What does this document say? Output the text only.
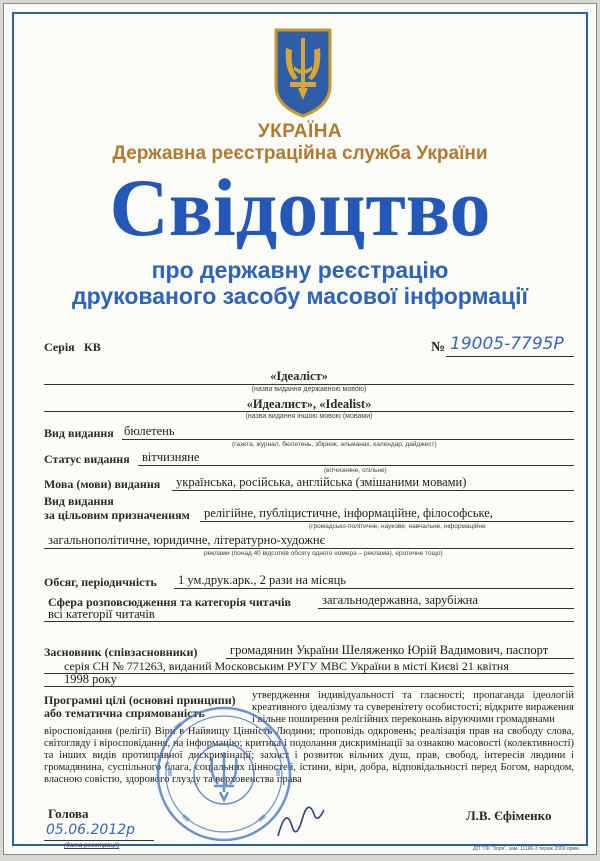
УКРАЇНА
Державна реєстраційна служба України
Свідоцтво
про державну реєстрацію
друкованого засобу масової інформації
Серія КВ	№ 19005-7795Р
«Ідеаліст»
(назва видання державною мовою)
«Идеалист», «Idealist»
(назва видання іншою мовою (мовами)
Вид видання бюлетень
(газета, журнал, бюлетень, збірник, альманах, календар, дайджест)
Статус видання вітчизняне
(вітчизняне, спільне)
Мова (мови) видання українська, російська, англійська (змішаними мовами)
Вид видання
за цільовим призначенням релігійне, публіцистичне, інформаційне, філософське,
(громадсько-політичне, наукове, навчальне, інформаційне
загальнополітичне, юридичне, літературно-художнє
реклами (понад 40 відсотків обсягу одного номера – реклама), еротичне тощо)
Обсяг, періодичність 1 ум.друк.арк., 2 рази на місяць
Сфера розповсюдження та категорія читачів загальнодержавна, зарубіжна
всі категорії читачів
Засновник (співзасновники)	громадянин України Шеляженко Юрій Вадимович, паспорт
серія СН № 771263, виданий Московським РУГУ МВС України в місті Києві 21 квітня
1998 року
Програмні цілі (основні принципи)
або тематична спрямованість
утвердження індивідуальності та гласності; пропаганда ідеологій креативного ідеалізму та суверенітету особистості; відкрите вираження і вільне поширення релігійних переконань віруючими громадянами
віросповідання (релігії) Віри в Найвищу Цінність Людини; проповідь одкровень; реалізація прав на свободу слова, світогляду і віросповідання, на інформацію; критика і подолання дискримінації за ознакою масовості (колективності) та інших видів протиправної дискримінації; захист і розвиток вільних душ, прав, свобод, інтересів людини і громадянина, суспільного блага, соціальних цінностей, істини, віри, добра, відповідальності перед Богом, народом, власною совістю, здорового глузду та верховенства права
Голова	Л.В. Єфіменко
05.06.2012р
(дата реєстрації)	ДП "ПК "Зоря", зам. 11196-3 тираж 2000 прим.
